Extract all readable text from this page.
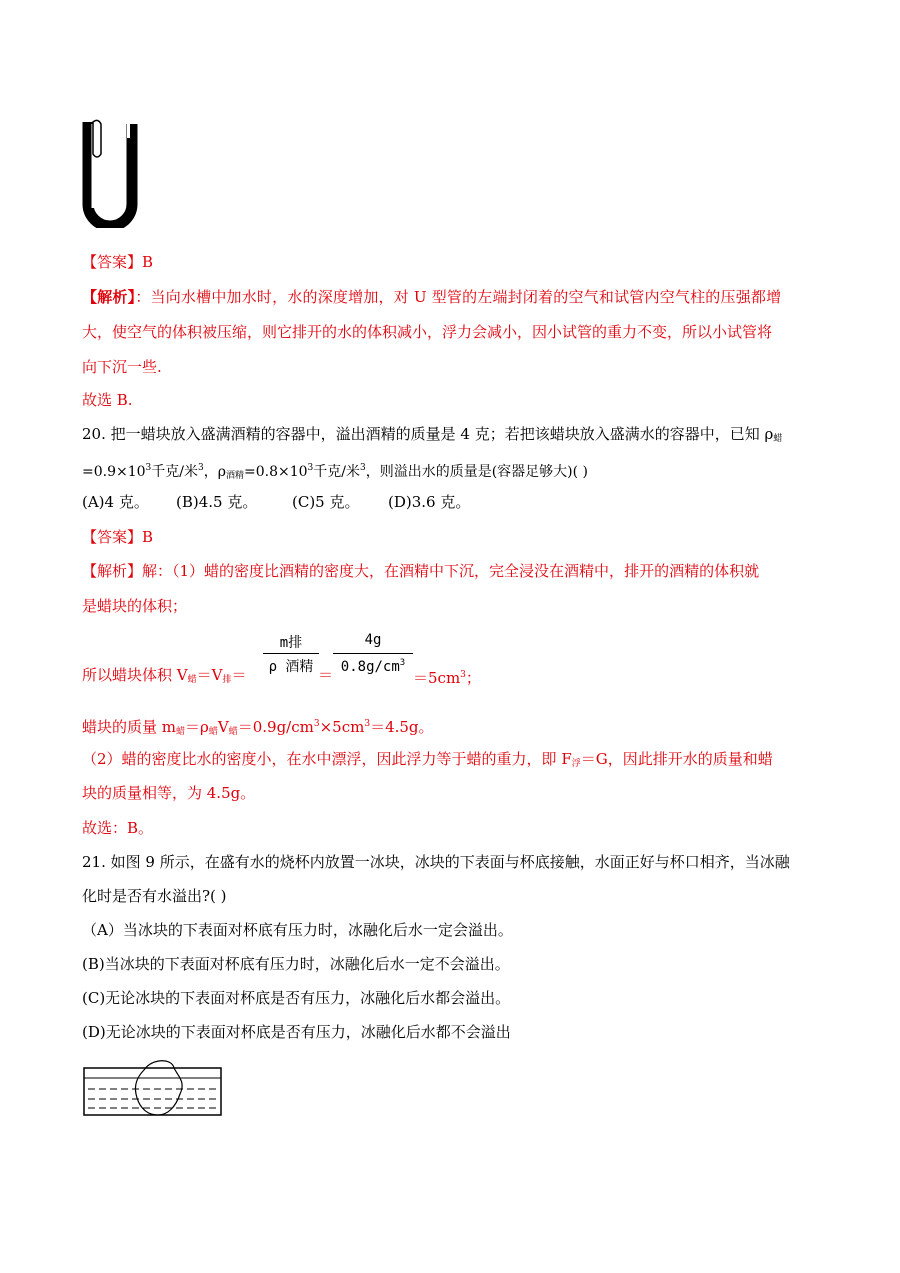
【答案】B
【解析】：当向水槽中加水时，水的深度增加，对 U 型管的左端封闭着的空气和试管内空气柱的压强都增
大，使空气的体积被压缩，则它排开的水的体积减小，浮力会减小，因小试管的重力不变，所以小试管将
向下沉一些.
故选 B.
20. 把一蜡块放入盛满酒精的容器中，溢出酒精的质量是 4 克；若把该蜡块放入盛满水的容器中，已知 $\rho_蜡$
$=0.9\times 10^3$千克/米$^3$，$\rho_{酒精}=0.8\times 10^3$千克/米$^3$，则溢出水的质量是(容器足够大)( )
(A)4 克。 (B)4.5 克。 (C)5 克。 (D)3.6 克。
【答案】B
【解析】解：（1）蜡的密度比酒精的密度大，在酒精中下沉，完全浸没在酒精中，排开的酒精的体积就
是蜡块的体积；
所以蜡块体积 $V_蜡=V_排=$
m排
ρ 酒精 ＝
4g
$0.8g/cm^3$
$=5cm^3$；
蜡块的质量 $m_蜡=\rho_蜡V_蜡=0.9g/cm^3\times 5cm^3=4.5g$。
（2）蜡的密度比水的密度小，在水中漂浮，因此浮力等于蜡的重力，即 $F_浮=G$，因此排开水的质量和蜡
块的质量相等，为 4.5g。
故选：B。
21. 如图 9 所示，在盛有水的烧杯内放置一冰块，冰块的下表面与杯底接触，水面正好与杯口相齐，当冰融
化时是否有水溢出?( )
（A）当冰块的下表面对杯底有压力时，冰融化后水一定会溢出。
(B)当冰块的下表面对杯底有压力时，冰融化后水一定不会溢出。
(C)无论冰块的下表面对杯底是否有压力，冰融化后水都会溢出。
(D)无论冰块的下表面对杯底是否有压力，冰融化后水都不会溢出
